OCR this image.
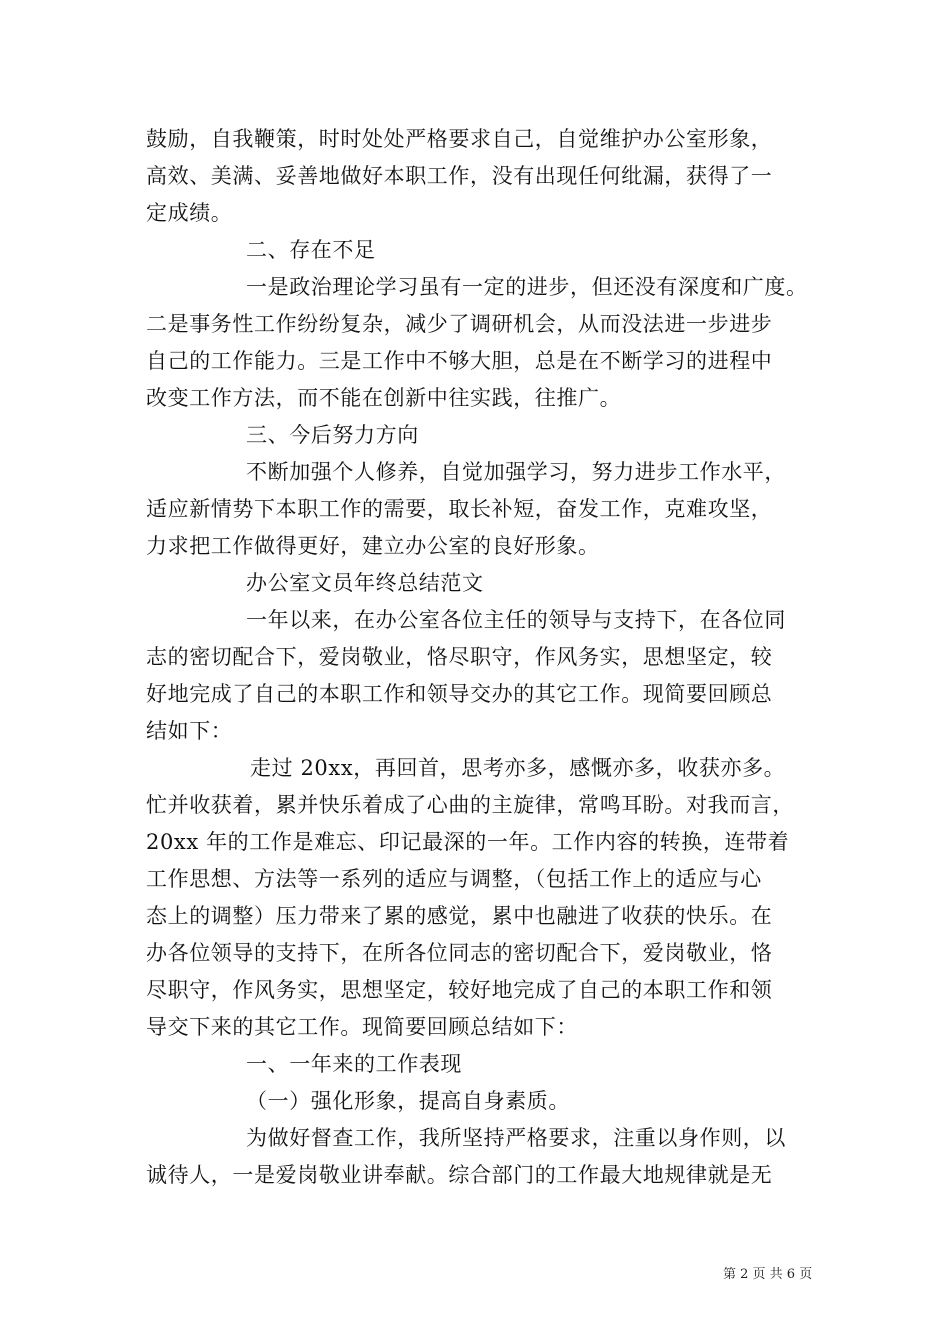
鼓励，自我鞭策，时时处处严格要求自己，自觉维护办公室形象，
高效、美满、妥善地做好本职工作，没有出现任何纰漏，获得了一
定成绩。
二、存在不足
一是政治理论学习虽有一定的进步，但还没有深度和广度。
二是事务性工作纷纷复杂，减少了调研机会，从而没法进一步进步
自己的工作能力。三是工作中不够大胆，总是在不断学习的进程中
改变工作方法，而不能在创新中往实践，往推广。
三、今后努力方向
不断加强个人修养，自觉加强学习，努力进步工作水平，
适应新情势下本职工作的需要，取长补短，奋发工作，克难攻坚，
力求把工作做得更好，建立办公室的良好形象。
办公室文员年终总结范文
一年以来，在办公室各位主任的领导与支持下，在各位同
志的密切配合下，爱岗敬业，恪尽职守，作风务实，思想坚定，较
好地完成了自己的本职工作和领导交办的其它工作。现简要回顾总
结如下：
走过 20xx，再回首，思考亦多，感慨亦多，收获亦多。
忙并收获着，累并快乐着成了心曲的主旋律，常鸣耳盼。对我而言，
20xx 年的工作是难忘、印记最深的一年。工作内容的转换，连带着
工作思想、方法等一系列的适应与调整，（包括工作上的适应与心
态上的调整）压力带来了累的感觉，累中也融进了收获的快乐。在
办各位领导的支持下，在所各位同志的密切配合下，爱岗敬业，恪
尽职守，作风务实，思想坚定，较好地完成了自己的本职工作和领
导交下来的其它工作。现简要回顾总结如下：
一、一年来的工作表现
（一）强化形象，提高自身素质。
为做好督查工作，我所坚持严格要求，注重以身作则，以
诚待人，一是爱岗敬业讲奉献。综合部门的工作最大地规律就是无
第 2 页 共 6 页
